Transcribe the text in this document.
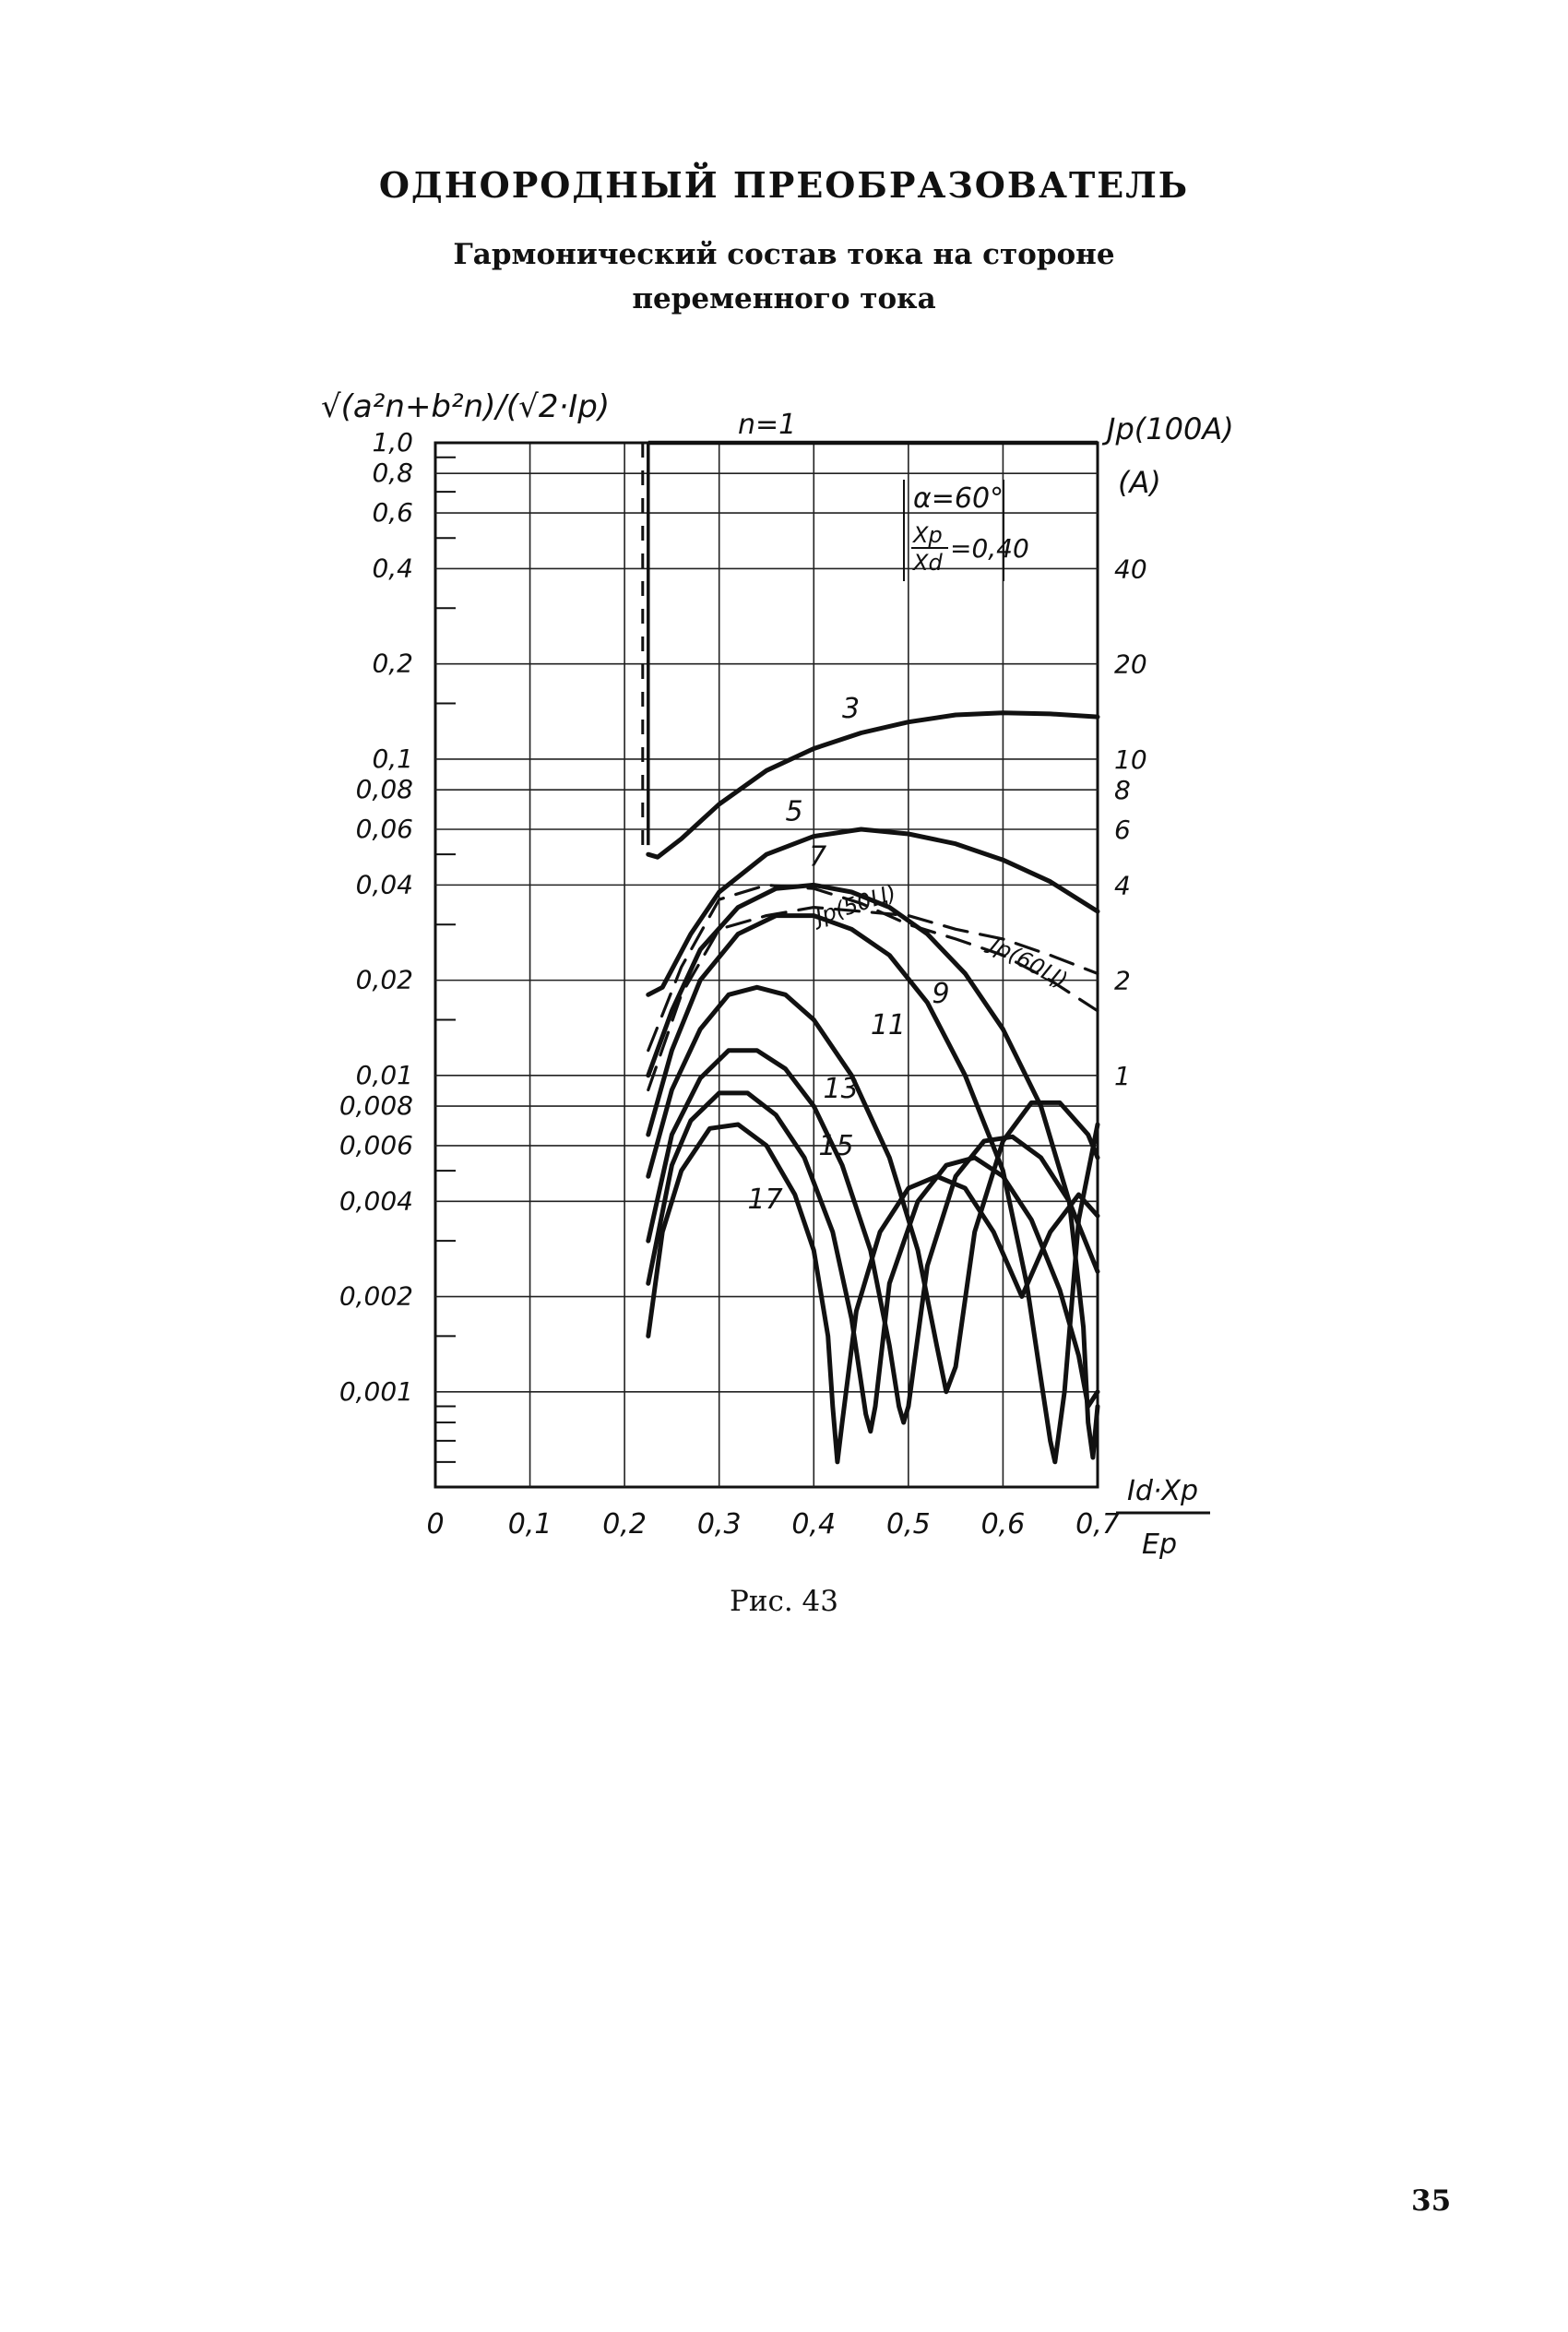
ОДНОРОДНЫЙ ПРЕОБРАЗОВАТЕЛЬ
Гармонический состав тока на стороне
переменного тока
√(a²n+b²n)/(√2·Ip)
Jp(100A)
(A)
Id·Xp
Ep
n=1
α=60°
Xp
Xd =0,40
0 0,1 0,2 0,3 0,4 0,5 0,6 0,7
1,0
0,8
0,6
0,4
0,2
0,1
0,08
0,06
0,04
0,02
0,01
0,008
0,006
0,004
0,002
0,001
40
20
10
8
6
4
2
1
3
5
7
9
11
13
15
17
Jp(50Ц)
Jp(60Ц)
Рис. 43
35
